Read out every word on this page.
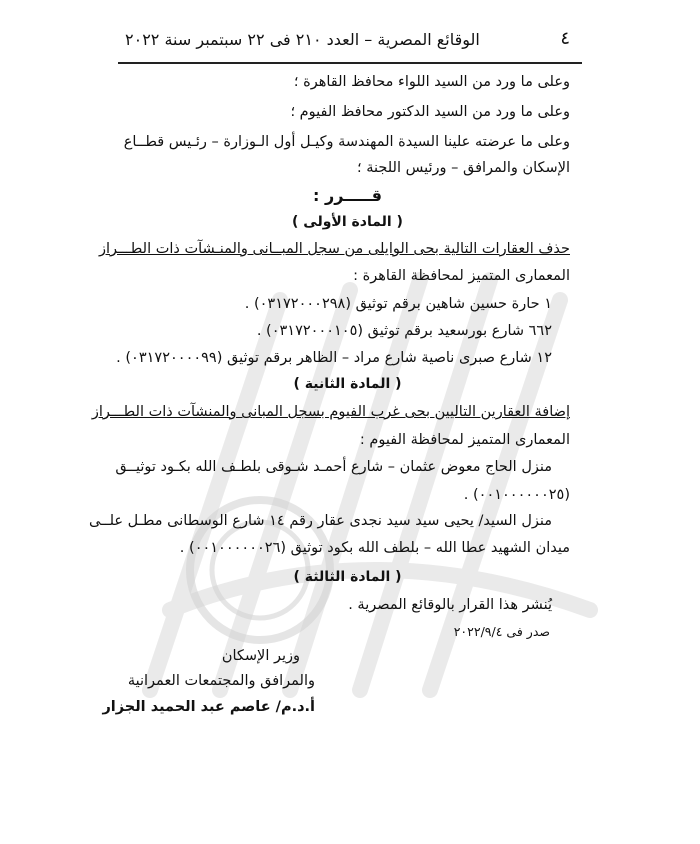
٤
الوقائع المصرية – العدد ٢١٠ فى ٢٢ سبتمبر سنة ٢٠٢٢
وعلى ما ورد من السيد اللواء محافظ القاهرة ؛
وعلى ما ورد من السيد الدكتور محافظ الفيوم ؛
وعلى ما عرضته علينا السيدة المهندسة وكيـل أول الـوزارة – رئـيس قطــاع
الإسكان والمرافق – ورئيس اللجنة ؛
قـــــرر :
( المادة الأولى )
حذف العقارات التالية بحى الوايلى من سجل المبــانى والمنـشآت ذات الطـــراز
المعمارى المتميز لمحافظة القاهرة :
١ حارة حسين شاهين برقم توثيق (٠٣١٧٢٠٠٠٢٩٨) .
٦٦٢ شارع بورسعيد برقم توثيق (٠٣١٧٢٠٠٠١٠٥) .
١٢ شارع صبرى ناصية شارع مراد – الظاهر برقم توثيق (٠٣١٧٢٠٠٠٠٩٩) .
( المادة الثانية )
إضافة العقارين التاليين بحى غرب الفيوم بسجل المبانى والمنشآت ذات الطـــراز
المعمارى المتميز لمحافظة الفيوم :
منزل الحاج معوض عثمان – شارع أحمـد شـوقى بلطـف الله بكـود توثيــق
(٠٠١٠٠٠٠٠٠٢٥) .
منزل السيد/ يحيى سيد سيد نجدى عقار رقم ١٤ شارع الوسطانى مطـل علــى
ميدان الشهيد عطا الله – بلطف الله بكود توثيق (٠٠١٠٠٠٠٠٠٢٦) .
( المادة الثالثة )
يُنشر هذا القرار بالوقائع المصرية .
صدر فى ٢٠٢٢/٩/٤
وزير الإسكان
والمرافق والمجتمعات العمرانية
أ.د.م/ عاصم عبد الحميد الجزار
